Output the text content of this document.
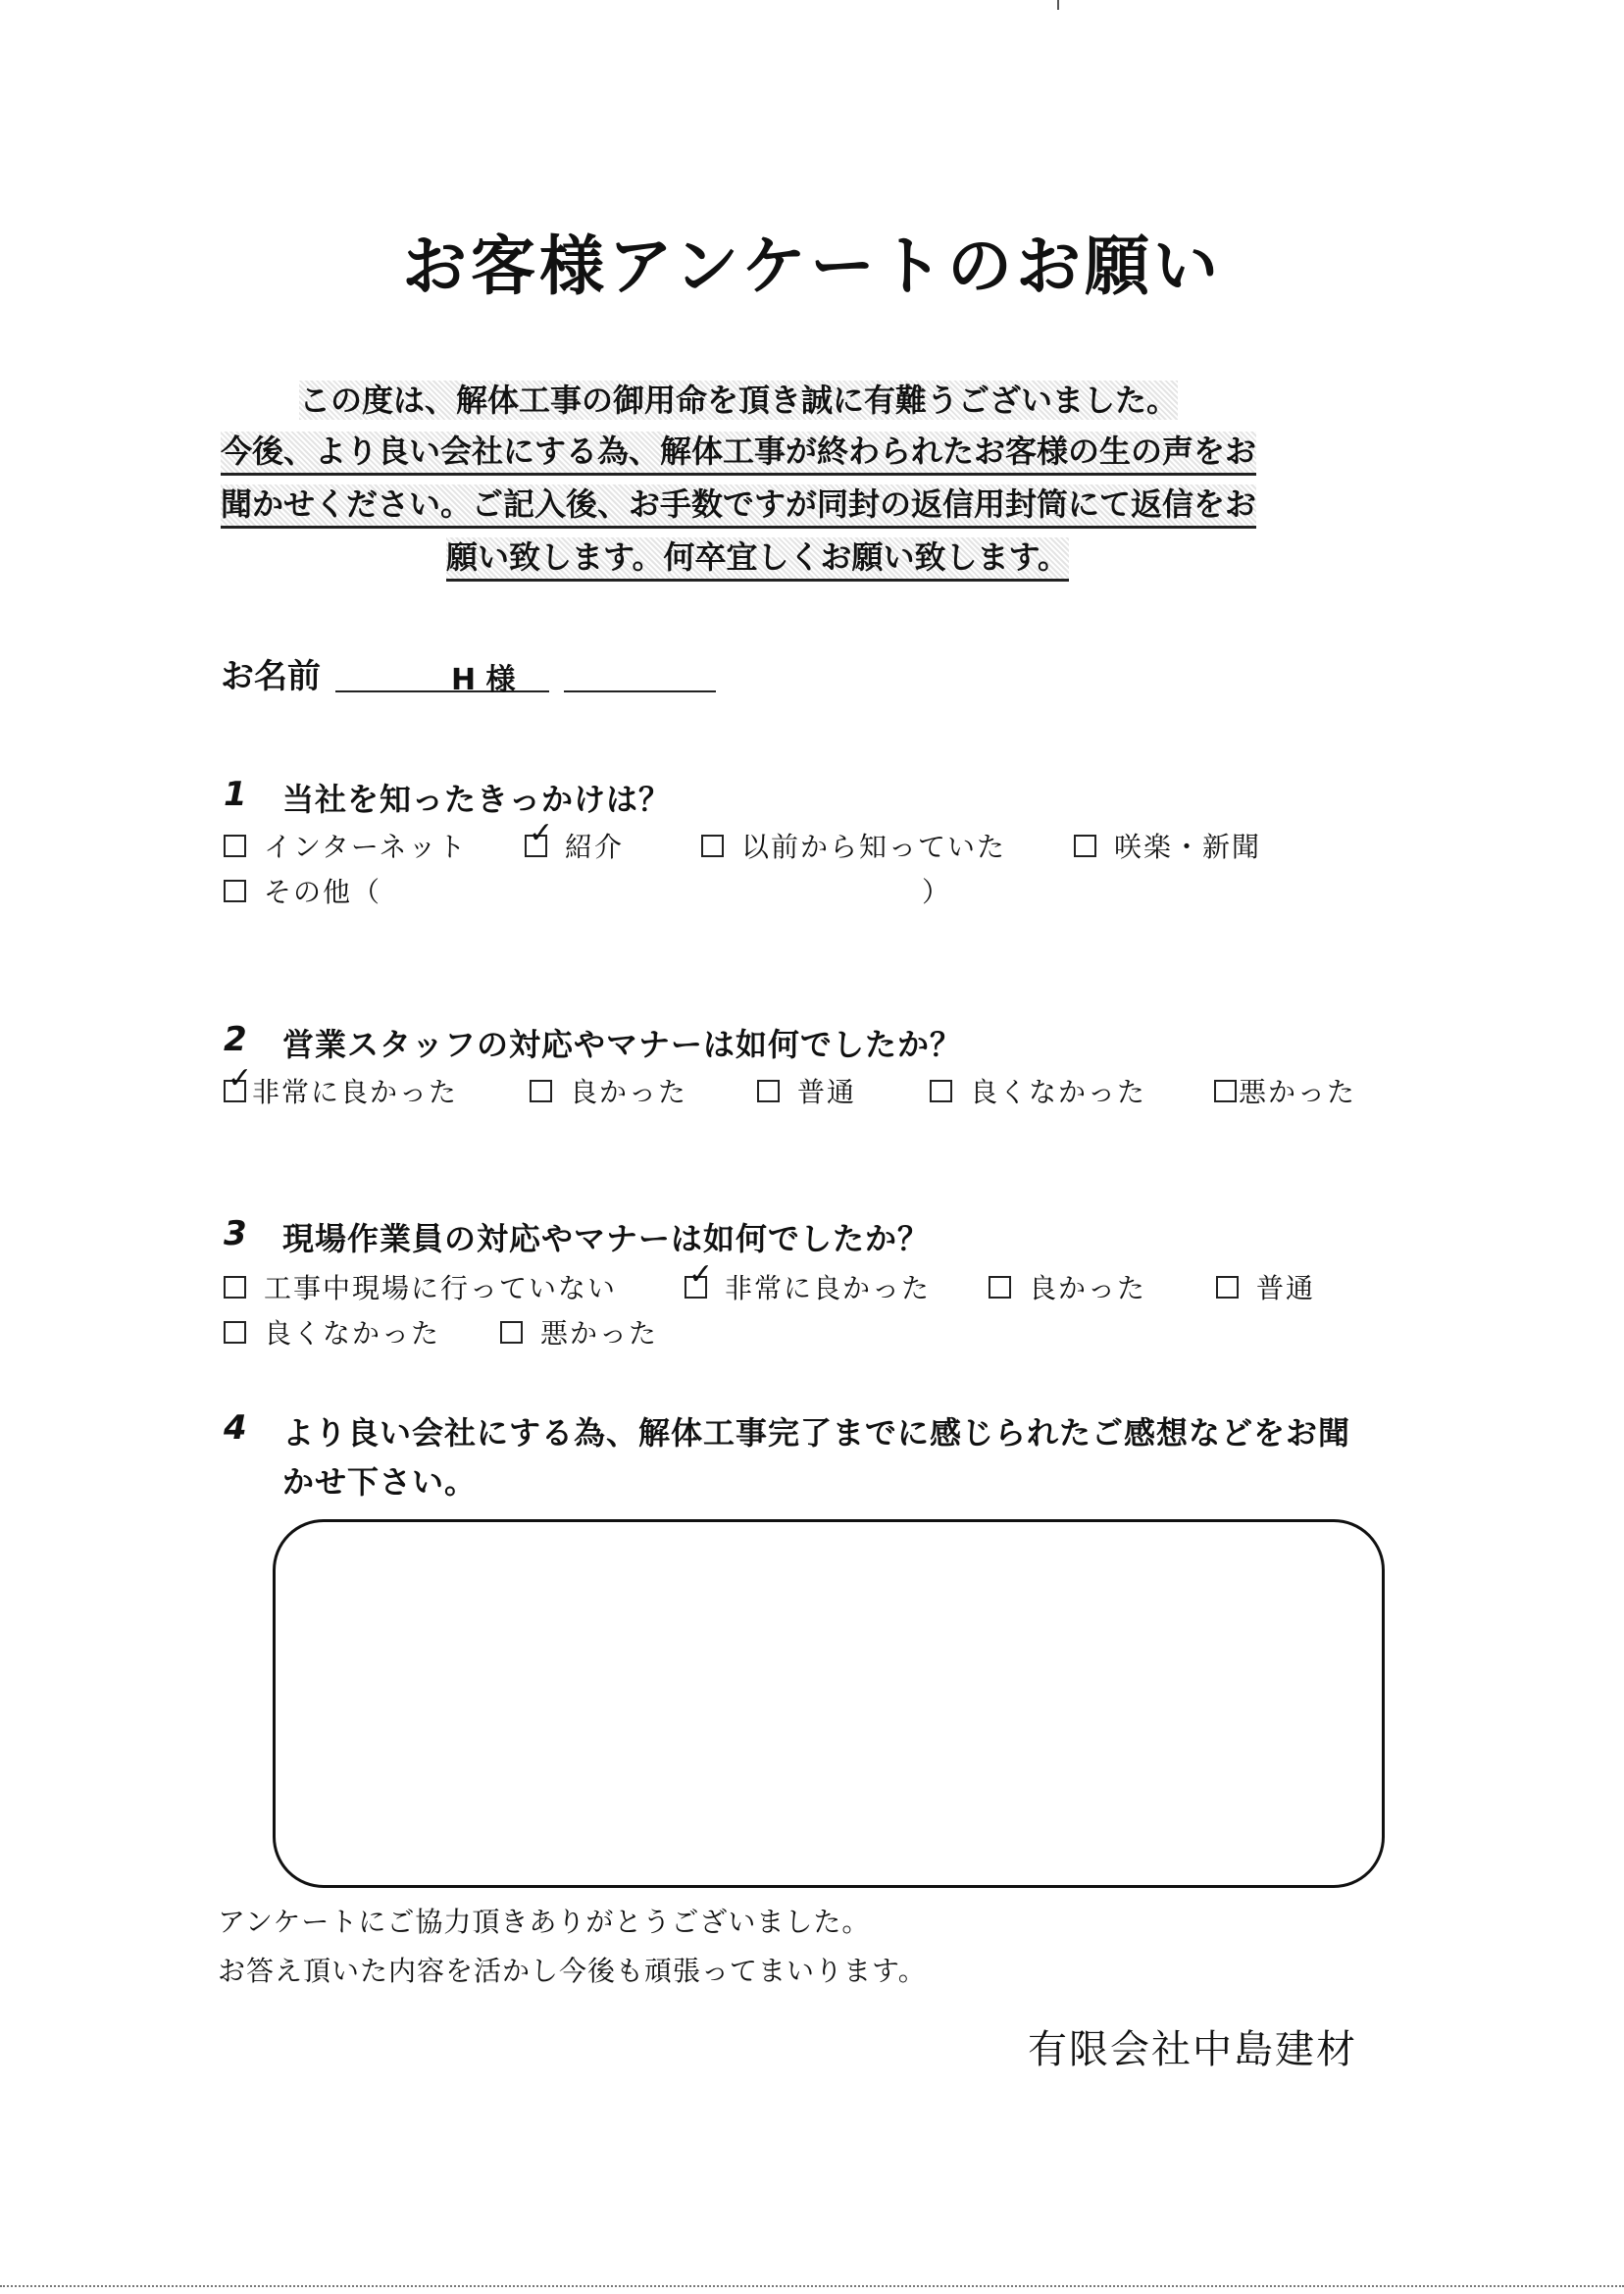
お客様アンケートのお願い
この度は、解体工事の御用命を頂き誠に有難うございました。
今後、より良い会社にする為、解体工事が終わられたお客様の生の声をお
聞かせください。ご記入後、お手数ですが同封の返信用封筒にて返信をお
願い致します。何卒宜しくお願い致します。
お名前	H 様
1 当社を知ったきっかけは？
インターネット ✓ 紹介	以前から知っていた	咲楽・新聞
その他（	）
2 営業スタッフの対応やマナーは如何でしたか？
✓
非常に良かった	良かった	普通	良くなかった	悪かった
3 現場作業員の対応やマナーは如何でしたか？
工事中現場に行っていない ✓ 非常に良かった	良かった	普通
良くなかった	悪かった
4 より良い会社にする為、解体工事完了までに感じられたご感想などをお聞
かせ下さい。
アンケートにご協力頂きありがとうございました。
お答え頂いた内容を活かし今後も頑張ってまいります。
有限会社中島建材
